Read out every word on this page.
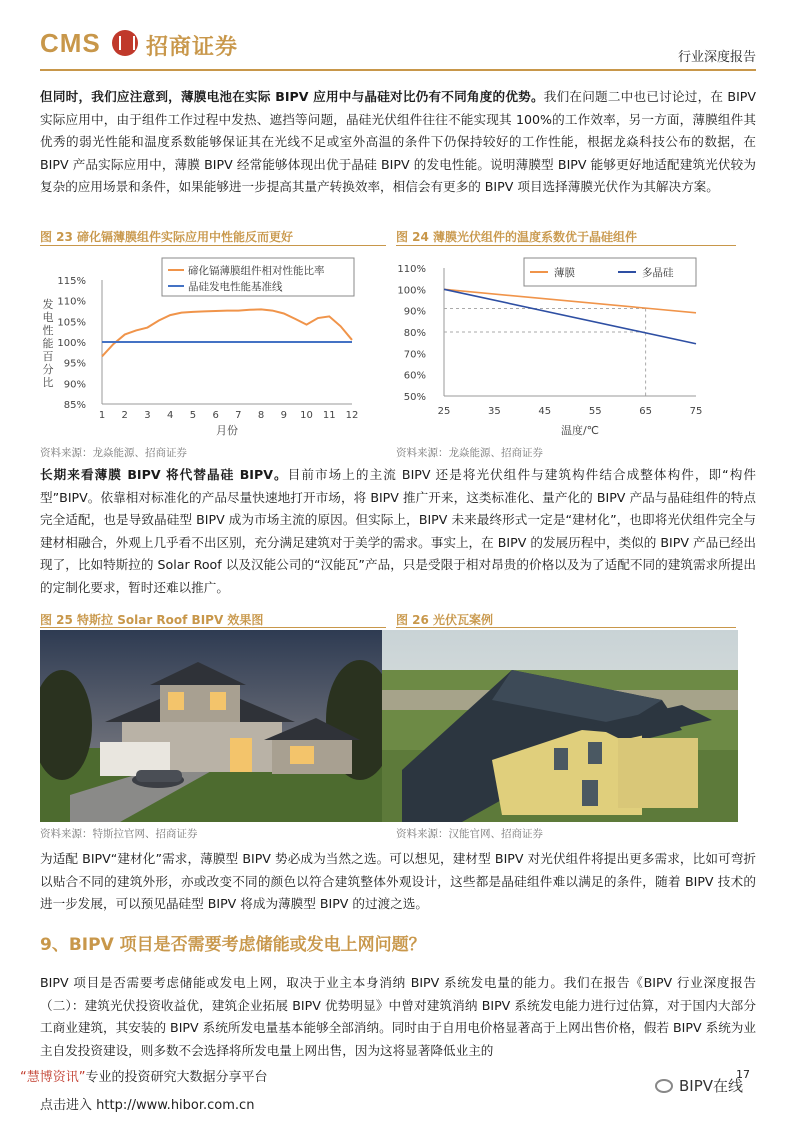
CMS 招商证券	行业深度报告
但同时，我们应注意到，薄膜电池在实际 BIPV 应用中与晶硅对比仍有不同角度的优势。我们在问题二中也已讨论过，在 BIPV 实际应用中，由于组件工作过程中发热、遮挡等问题，晶硅光伏组件往往不能实现其 100%的工作效率，另一方面，薄膜组件其优秀的弱光性能和温度系数能够保证其在光线不足或室外高温的条件下仍保持较好的工作性能，根据龙焱科技公布的数据，在 BIPV 产品实际应用中，薄膜 BIPV 经常能够体现出优于晶硅 BIPV 的发电性能。说明薄膜型 BIPV 能够更好地适配建筑光伏较为复杂的应用场景和条件，如果能够进一步提高其量产转换效率，相信会有更多的 BIPV 项目选择薄膜光伏作为其解决方案。
图 23 碲化镉薄膜组件实际应用中性能反而更好
85%
90%
95%
100%
105%
110%
115%
1 2 3 4 5 6 7 8 9 10 11 12
月份
发
电
性
能
百
分
比
碲化镉薄膜组件相对性能比率
晶硅发电性能基准线
资料来源：龙焱能源、招商证券
图 24 薄膜光伏组件的温度系数优于晶硅组件
50%
60%
70%
80%
90%
100%
110%
25	35	45	55	65	75
温度/℃
薄膜	多晶硅
资料来源：龙焱能源、招商证券
长期来看薄膜 BIPV 将代替晶硅 BIPV。目前市场上的主流 BIPV 还是将光伏组件与建筑构件结合成整体构件，即“构件型”BIPV。依靠相对标准化的产品尽量快速地打开市场，将 BIPV 推广开来，这类标准化、量产化的 BIPV 产品与晶硅组件的特点完全适配，也是导致晶硅型 BIPV 成为市场主流的原因。但实际上，BIPV 未来最终形式一定是“建材化”，也即将光伏组件完全与建材相融合，外观上几乎看不出区别，充分满足建筑对于美学的需求。事实上，在 BIPV 的发展历程中，类似的 BIPV 产品已经出现了，比如特斯拉的 Solar Roof 以及汉能公司的“汉能瓦”产品，只是受限于相对昂贵的价格以及为了适配不同的建筑需求所提出的定制化要求，暂时还难以推广。
图 25 特斯拉 Solar Roof BIPV 效果图
资料来源：特斯拉官网、招商证券
图 26 光伏瓦案例
资料来源：汉能官网、招商证券
为适配 BIPV“建材化”需求，薄膜型 BIPV 势必成为当然之选。可以想见，建材型 BIPV 对光伏组件将提出更多需求，比如可弯折以贴合不同的建筑外形，亦或改变不同的颜色以符合建筑整体外观设计，这些都是晶硅组件难以满足的条件，随着 BIPV 技术的进一步发展，可以预见晶硅型 BIPV 将成为薄膜型 BIPV 的过渡之选。
9、BIPV 项目是否需要考虑储能或发电上网问题？
BIPV 项目是否需要考虑储能或发电上网，取决于业主本身消纳 BIPV 系统发电量的能力。我们在报告《BIPV 行业深度报告（二）：建筑光伏投资收益优，建筑企业拓展 BIPV 优势明显》中曾对建筑消纳 BIPV 系统发电能力进行过估算，对于国内大部分工商业建筑，其安装的 BIPV 系统所发电量基本能够全部消纳。同时由于自用电价格显著高于上网出售价格，假若 BIPV 系统为业主自发投资建设，则多数不会选择将所发电量上网出售，因为这将显著降低业主的
“慧博资讯”专业的投资研究大数据分享平台
点击进入 http://www.hibor.com.cn
17
BIPV在线
